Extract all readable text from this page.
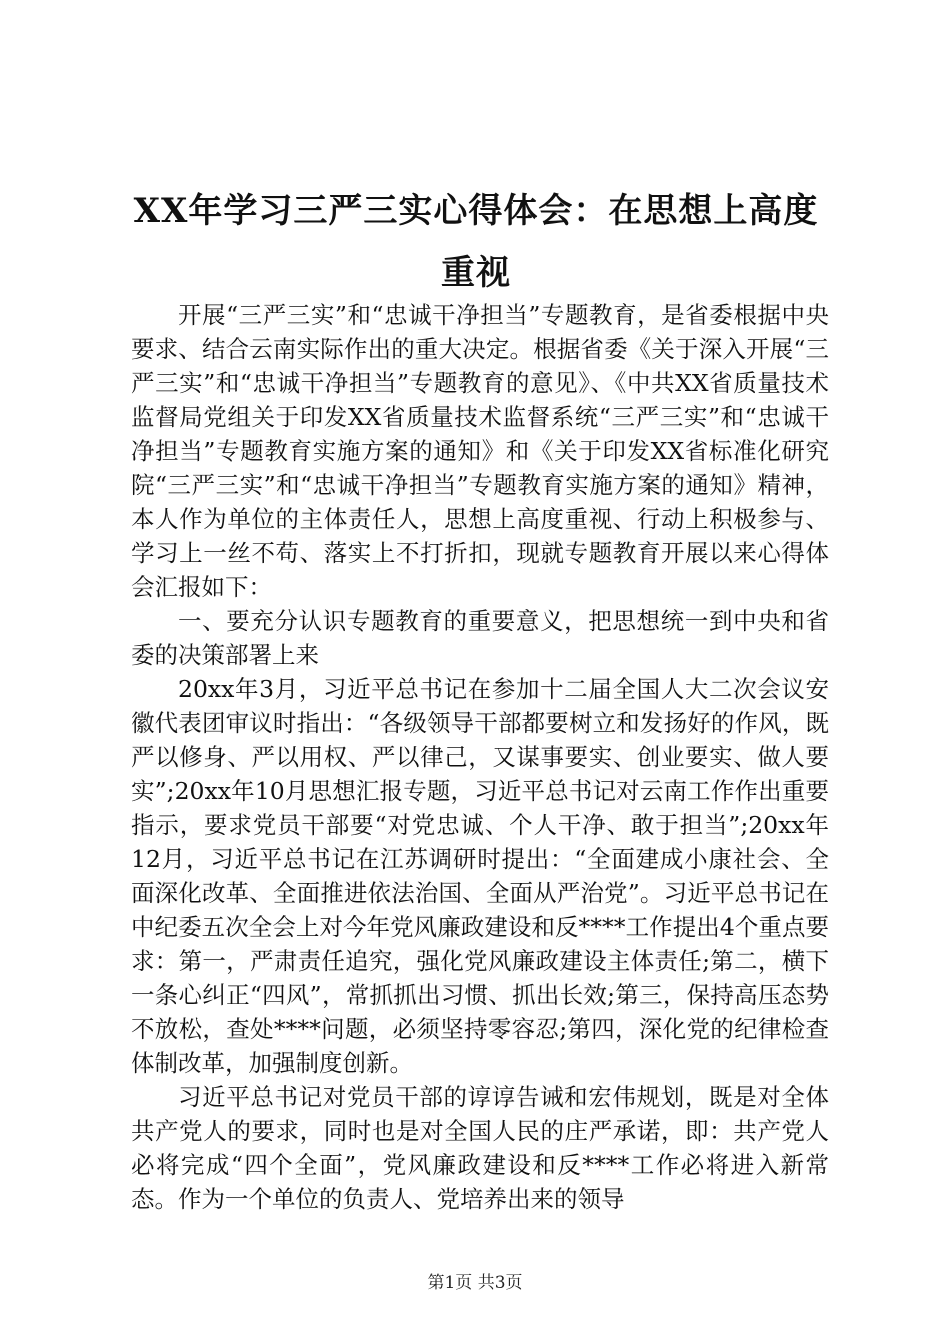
XX年学习三严三实心得体会：在思想上高度重视

开展“三严三实”和“忠诚干净担当”专题教育，是省委根据中央要求、结合云南实际作出的重大决定。根据省委《关于深入开展“三严三实”和“忠诚干净担当”专题教育的意见》、《中共XX省质量技术监督局党组关于印发XX省质量技术监督系统“三严三实”和“忠诚干净担当”专题教育实施方案的通知》和《关于印发XX省标准化研究院“三严三实”和“忠诚干净担当”专题教育实施方案的通知》精神，本人作为单位的主体责任人，思想上高度重视、行动上积极参与、学习上一丝不苟、落实上不打折扣，现就专题教育开展以来心得体会汇报如下：

一、要充分认识专题教育的重要意义，把思想统一到中央和省委的决策部署上来

20xx年3月，习近平总书记在参加十二届全国人大二次会议安徽代表团审议时指出：“各级领导干部都要树立和发扬好的作风，既严以修身、严以用权、严以律己，又谋事要实、创业要实、做人要实”;20xx年10月思想汇报专题，习近平总书记对云南工作作出重要指示，要求党员干部要“对党忠诚、个人干净、敢于担当”;20xx年12月，习近平总书记在江苏调研时提出：“全面建成小康社会、全面深化改革、全面推进依法治国、全面从严治党”。习近平总书记在中纪委五次全会上对今年党风廉政建设和反****工作提出4个重点要求：第一，严肃责任追究，强化党风廉政建设主体责任;第二，横下一条心纠正“四风”，常抓抓出习惯、抓出长效;第三，保持高压态势不放松，查处****问题，必须坚持零容忍;第四，深化党的纪律检查体制改革，加强制度创新。

习近平总书记对党员干部的谆谆告诫和宏伟规划，既是对全体共产党人的要求，同时也是对全国人民的庄严承诺，即：共产党人必将完成“四个全面”，党风廉政建设和反****工作必将进入新常态。作为一个单位的负责人、党培养出来的领导

第1页 共3页
